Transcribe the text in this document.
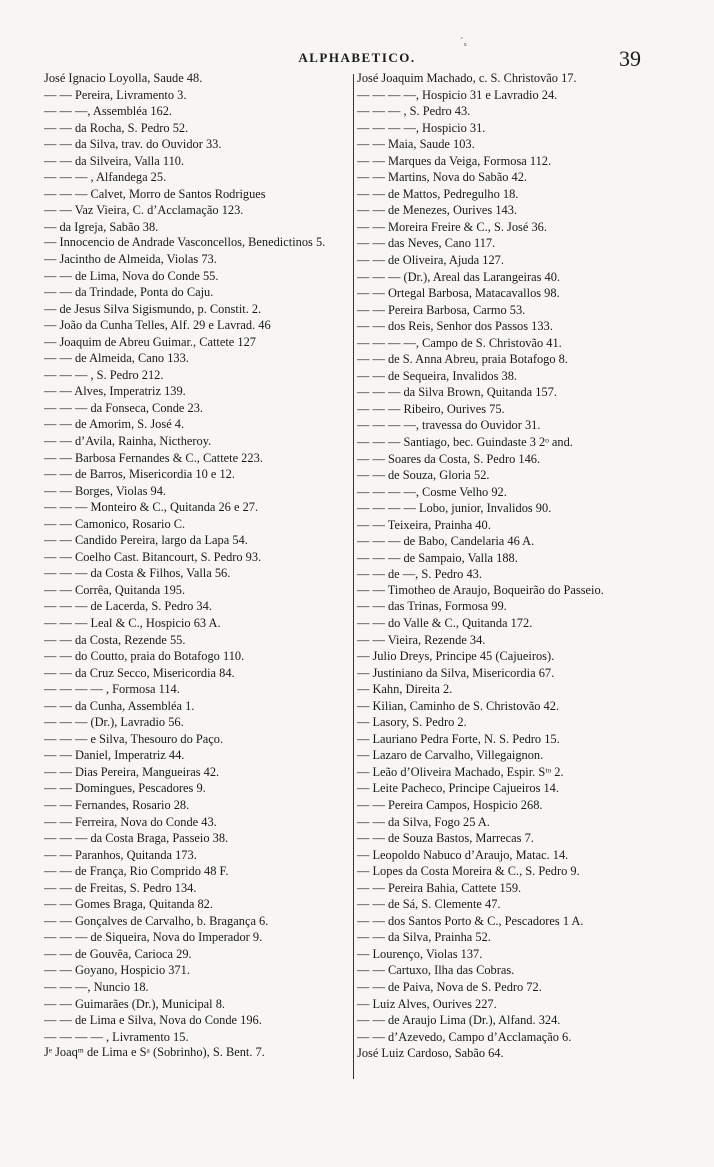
´ₓ
ALPHABETICO.	39
José Ignacio Loyolla, Saude 48.
— — Pereira, Livramento 3.
— — —, Assembléa 162.
— — da Rocha, S. Pedro 52.
— — da Silva, trav. do Ouvidor 33.
— — da Silveira, Valla 110.
— — — , Alfandega 25.
— — — Calvet, Morro de Santos Rodrigues
— — Vaz Vieira, C. d’Acclamação 123.
— da Igreja, Sabão 38.
— Innocencio de Andrade Vasconcellos, Benedictinos 5.
— Jacintho de Almeida, Violas 73.
— — de Lima, Nova do Conde 55.
— — da Trindade, Ponta do Caju.
— de Jesus Silva Sigismundo, p. Constit. 2.
— João da Cunha Telles, Alf. 29 e Lavrad. 46
— Joaquim de Abreu Guimar., Cattete 127
— — de Almeida, Cano 133.
— — — , S. Pedro 212.
— — Alves, Imperatriz 139.
— — — da Fonseca, Conde 23.
— — de Amorim, S. José 4.
— — d’Avila, Rainha, Nictheroy.
— — Barbosa Fernandes & C., Cattete 223.
— — de Barros, Misericordia 10 e 12.
— — Borges, Violas 94.
— — — Monteiro & C., Quitanda 26 e 27.
— — Camonico, Rosario C.
— — Candido Pereira, largo da Lapa 54.
— — Coelho Cast. Bitancourt, S. Pedro 93.
— — — da Costa & Filhos, Valla 56.
— — Corrêa, Quitanda 195.
— — — de Lacerda, S. Pedro 34.
— — — Leal & C., Hospicio 63 A.
— — da Costa, Rezende 55.
— — do Coutto, praia do Botafogo 110.
— — da Cruz Secco, Misericordia 84.
— — — — , Formosa 114.
— — da Cunha, Assembléa 1.
— — — (Dr.), Lavradio 56.
— — — e Silva, Thesouro do Paço.
— — Daniel, Imperatriz 44.
— — Dias Pereira, Mangueiras 42.
— — Domingues, Pescadores 9.
— — Fernandes, Rosario 28.
— — Ferreira, Nova do Conde 43.
— — — da Costa Braga, Passeio 38.
— — Paranhos, Quitanda 173.
— — de França, Rio Comprido 48 F.
— — de Freitas, S. Pedro 134.
— — Gomes Braga, Quitanda 82.
— — Gonçalves de Carvalho, b. Bragança 6.
— — — de Siqueira, Nova do Imperador 9.
— — de Gouvêa, Carioca 29.
— — Goyano, Hospicio 371.
— — —, Nuncio 18.
— — Guimarães (Dr.), Municipal 8.
— — de Lima e Silva, Nova do Conde 196.
— — — — , Livramento 15.
Jᵉ Joaqᵐ de Lima e Sᵃ (Sobrinho), S. Bent. 7.
José Joaquim Machado, c. S. Christovão 17.
— — — —, Hospicio 31 e Lavradio 24.
— — — , S. Pedro 43.
— — — —, Hospicio 31.
— — Maia, Saude 103.
— — Marques da Veiga, Formosa 112.
— — Martins, Nova do Sabão 42.
— — de Mattos, Pedregulho 18.
— — de Menezes, Ourives 143.
— — Moreira Freire & C., S. José 36.
— — das Neves, Cano 117.
— — de Oliveira, Ajuda 127.
— — — (Dr.), Areal das Larangeiras 40.
— — Ortegal Barbosa, Matacavallos 98.
— — Pereira Barbosa, Carmo 53.
— — dos Reis, Senhor dos Passos 133.
— — — —, Campo de S. Christovão 41.
— — de S. Anna Abreu, praia Botafogo 8.
— — de Sequeira, Invalidos 38.
— — — da Silva Brown, Quitanda 157.
— — — Ribeiro, Ourives 75.
— — — —, travessa do Ouvidor 31.
— — — Santiago, bec. Guindaste 3 2ᵒ and.
— — Soares da Costa, S. Pedro 146.
— — de Souza, Gloria 52.
— — — —, Cosme Velho 92.
— — — — Lobo, junior, Invalidos 90.
— — Teixeira, Prainha 40.
— — — de Babo, Candelaria 46 A.
— — — de Sampaio, Valla 188.
— — de —, S. Pedro 43.
— — Timotheo de Araujo, Boqueirão do Passeio.
— — das Trinas, Formosa 99.
— — do Valle & C., Quitanda 172.
— — Vieira, Rezende 34.
— Julio Dreys, Principe 45 (Cajueiros).
— Justiniano da Silva, Misericordia 67.
— Kahn, Direita 2.
— Kilian, Caminho de S. Christovão 42.
— Lasory, S. Pedro 2.
— Lauriano Pedra Forte, N. S. Pedro 15.
— Lazaro de Carvalho, Villegaignon.
— Leão d’Oliveira Machado, Espir. Sᵗᵒ 2.
— Leite Pacheco, Principe Cajueiros 14.
— — Pereira Campos, Hospicio 268.
— — da Silva, Fogo 25 A.
— — de Souza Bastos, Marrecas 7.
— Leopoldo Nabuco d’Araujo, Matac. 14.
— Lopes da Costa Moreira & C., S. Pedro 9.
— — Pereira Bahia, Cattete 159.
— — de Sá, S. Clemente 47.
— — dos Santos Porto & C., Pescadores 1 A.
— — da Silva, Prainha 52.
— Lourenço, Violas 137.
— — Cartuxo, Ilha das Cobras.
— — de Paiva, Nova de S. Pedro 72.
— Luiz Alves, Ourives 227.
— — de Araujo Lima (Dr.), Alfand. 324.
— — d’Azevedo, Campo d’Acclamação 6.
José Luiz Cardoso, Sabão 64.
